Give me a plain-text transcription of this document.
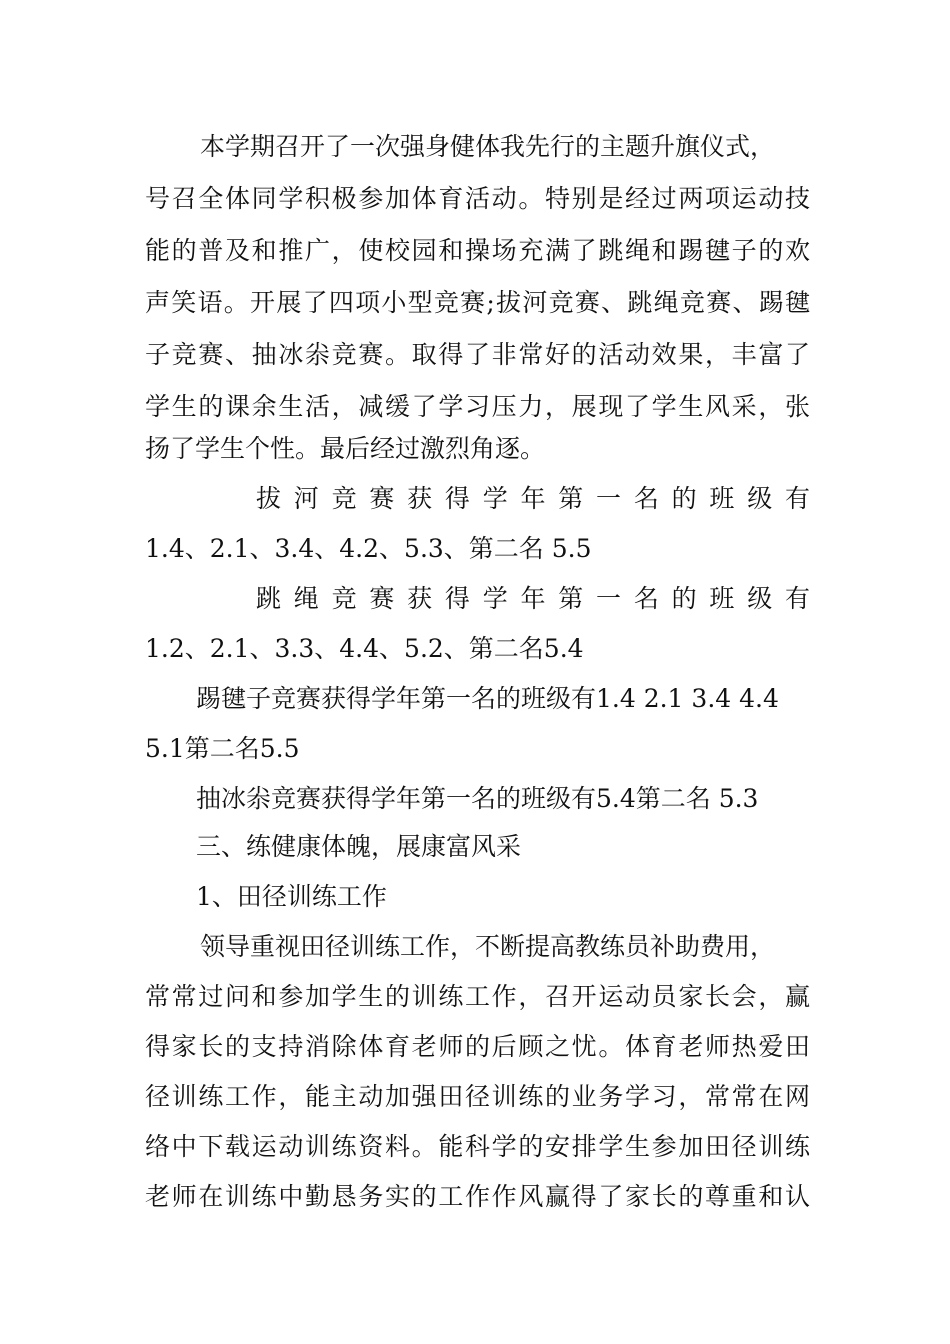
本学期召开了一次强身健体我先行的主题升旗仪式，
号召全体同学积极参加体育活动。特别是经过两项运动技
能的普及和推广，使校园和操场充满了跳绳和踢毽子的欢
声笑语。开展了四项小型竞赛;拔河竞赛、跳绳竞赛、踢毽
子竞赛、抽冰尜竞赛。取得了非常好的活动效果，丰富了
学生的课余生活，减缓了学习压力，展现了学生风采，张
扬了学生个性。最后经过激烈角逐。
拔河竞赛获得学年第一名的班级有
1.4、2.1、3.4、4.2、5.3、第二名 5.5
跳绳竞赛获得学年第一名的班级有
1.2、2.1、3.3、4.4、5.2、第二名5.4
踢毽子竞赛获得学年第一名的班级有1.4 2.1 3.4 4.4
5.1第二名5.5
抽冰尜竞赛获得学年第一名的班级有5.4第二名 5.3
三、练健康体魄，展康富风采
1、田径训练工作
领导重视田径训练工作，不断提高教练员补助费用，
常常过问和参加学生的训练工作，召开运动员家长会，赢
得家长的支持消除体育老师的后顾之忧。体育老师热爱田
径训练工作，能主动加强田径训练的业务学习，常常在网
络中下载运动训练资料。能科学的安排学生参加田径训练
老师在训练中勤恳务实的工作作风赢得了家长的尊重和认
